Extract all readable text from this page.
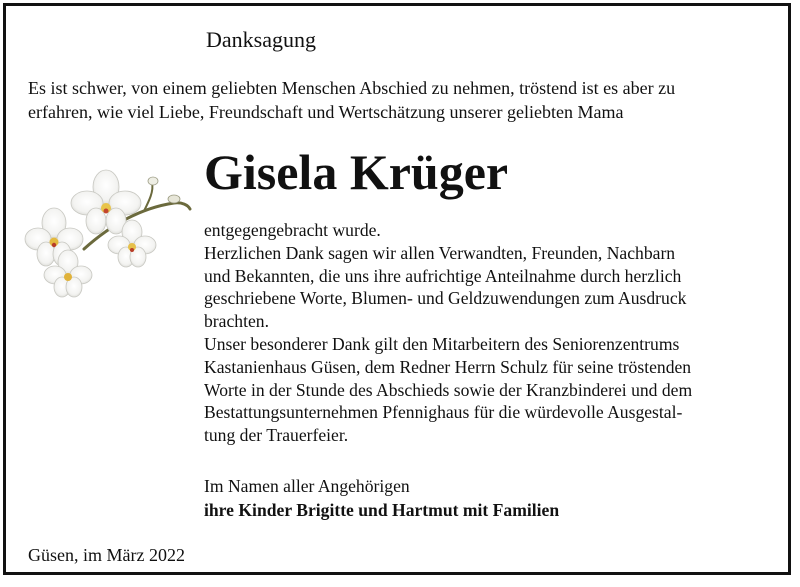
Danksagung
Es ist schwer, von einem geliebten Menschen Abschied zu nehmen, tröstend ist es aber zu
erfahren, wie viel Liebe, Freundschaft und Wertschätzung unserer geliebten Mama
Gisela Krüger
entgegengebracht wurde.
Herzlichen Dank sagen wir allen Verwandten, Freunden, Nachbarn
und Bekannten, die uns ihre aufrichtige Anteilnahme durch herzlich
geschriebene Worte, Blumen- und Geldzuwendungen zum Ausdruck
brachten.
Unser besonderer Dank gilt den Mitarbeitern des Seniorenzentrums
Kastanienhaus Güsen, dem Redner Herrn Schulz für seine tröstenden
Worte in der Stunde des Abschieds sowie der Kranzbinderei und dem
Bestattungsunternehmen Pfennighaus für die würdevolle Ausgestal-
tung der Trauerfeier.
Im Namen aller Angehörigen
ihre Kinder Brigitte und Hartmut mit Familien
Güsen, im März 2022
